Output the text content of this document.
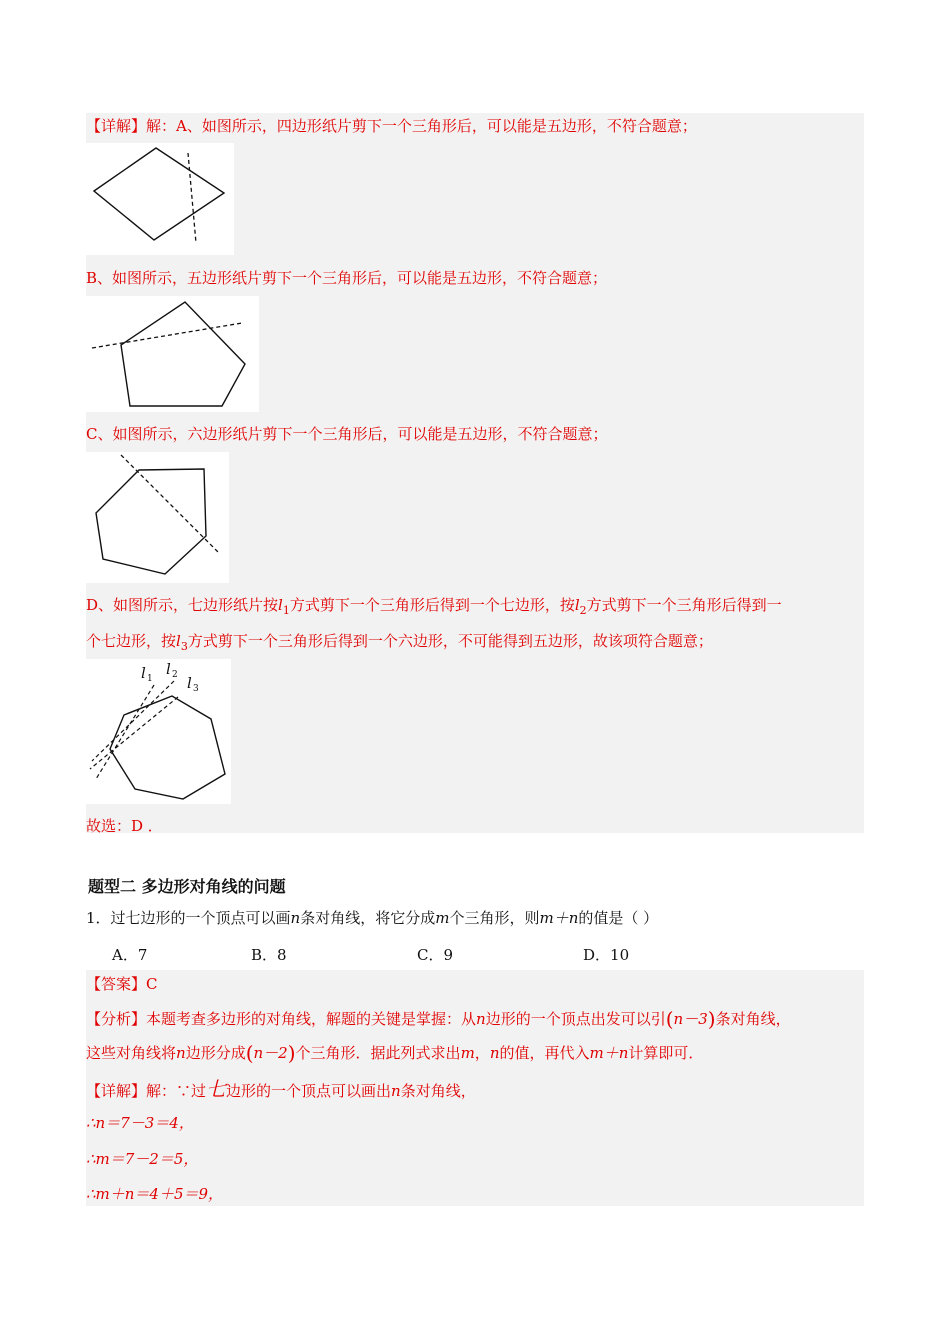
【详解】解：A、如图所示，四边形纸片剪下一个三角形后，可以能是五边形，不符合题意；
B、如图所示，五边形纸片剪下一个三角形后，可以能是五边形，不符合题意；
C、如图所示，六边形纸片剪下一个三角形后，可以能是五边形，不符合题意；
D、如图所示，七边形纸片按$l_1$方式剪下一个三角形后得到一个七边形，按$l_2$方式剪下一个三角形后得到一
个七边形，按$l_3$方式剪下一个三角形后得到一个六边形，不可能得到五边形，故该项符合题意；
l 1
l 2 l 3
故选：D ．
题型二 多边形对角线的问题
1．过七边形的一个顶点可以画n条对角线，将它分成m个三角形，则m＋n的值是（ ）
A．7	B．8	C．9	D．10
【答案】C
【分析】本题考查多边形的对角线，解题的关键是掌握：从n边形的一个顶点出发可以引(n－3)条对角线，
这些对角线将n边形分成(n－2)个三角形．据此列式求出m，n的值，再代入m＋n计算即可．
【详解】解：∵过七边形的一个顶点可以画出n条对角线，
∴n＝7－3＝4，
∴m＝7－2＝5，
∴m＋n＝4＋5＝9，
